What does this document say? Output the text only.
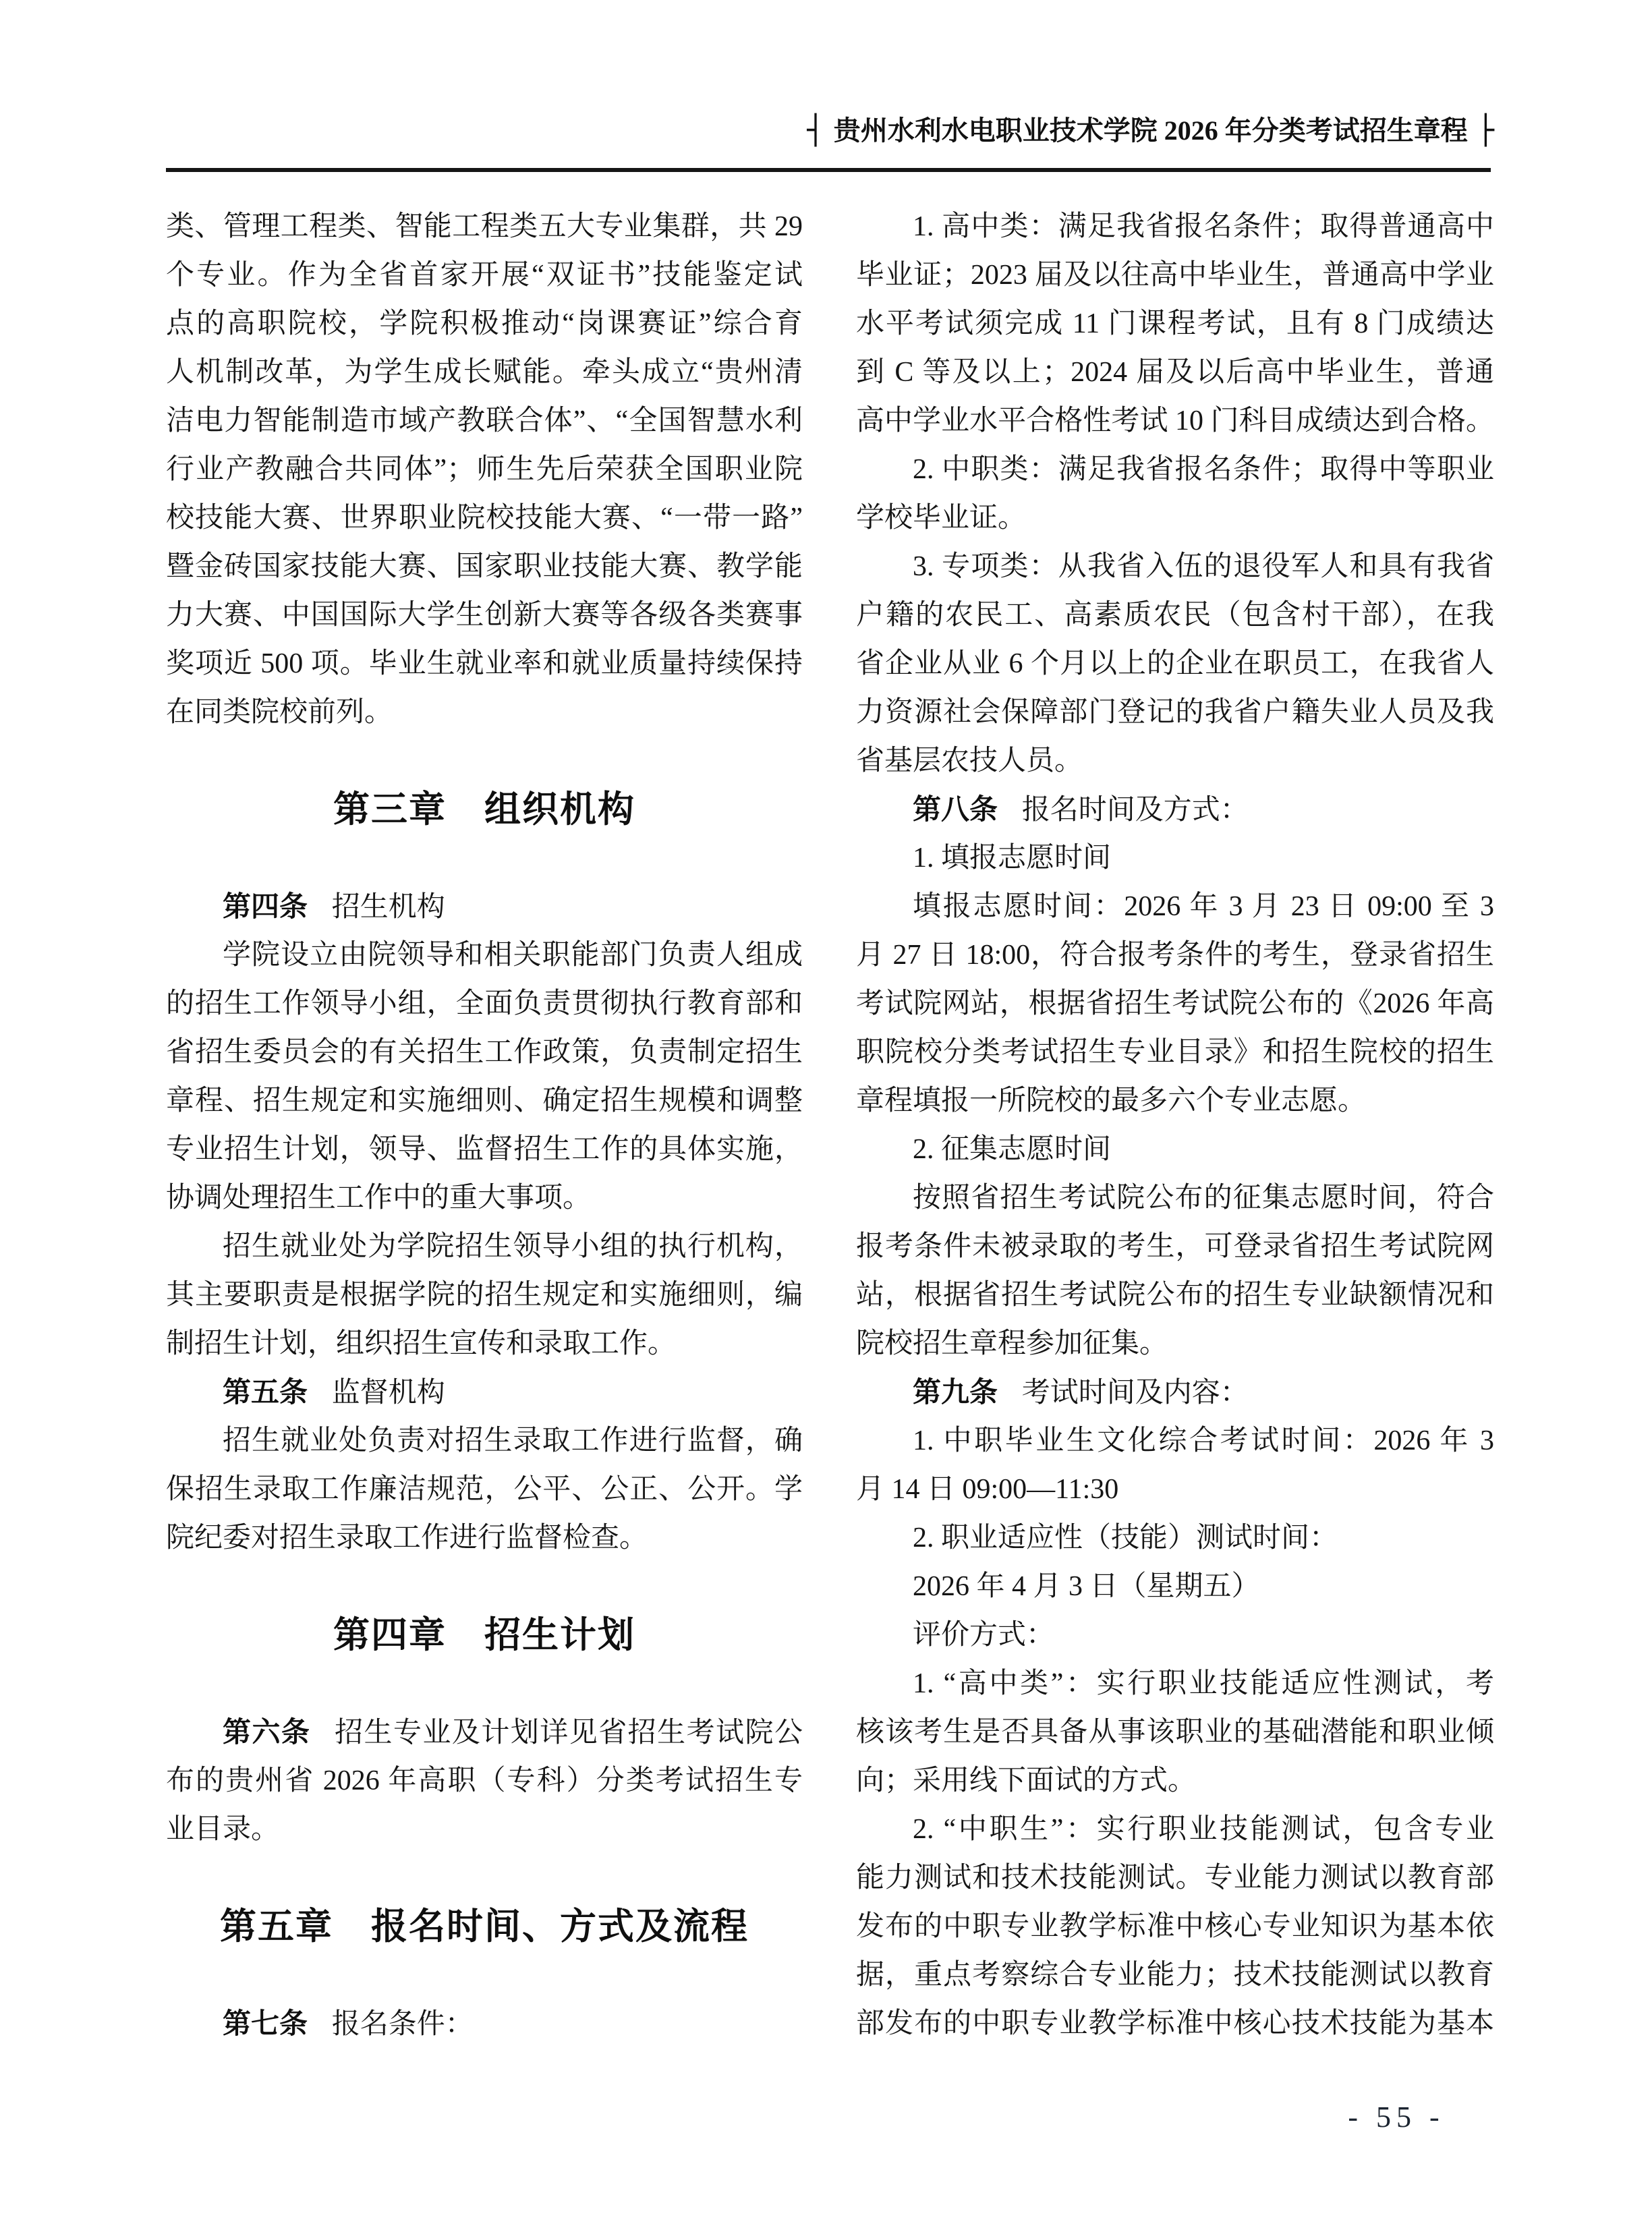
┤ 贵州水利水电职业技术学院 2026 年分类考试招生章程 ├
类、管理工程类、智能工程类五大专业集群，共 29
个专业。作为全省首家开展“双证书”技能鉴定试
点的高职院校，学院积极推动“岗课赛证”综合育
人机制改革，为学生成长赋能。牵头成立“贵州清
洁电力智能制造市域产教联合体”、“全国智慧水利
行业产教融合共同体”；师生先后荣获全国职业院
校技能大赛、世界职业院校技能大赛、“一带一路”
暨金砖国家技能大赛、国家职业技能大赛、教学能
力大赛、中国国际大学生创新大赛等各级各类赛事
奖项近 500 项。毕业生就业率和就业质量持续保持
在同类院校前列。
第三章　组织机构
第四条 招生机构
学院设立由院领导和相关职能部门负责人组成
的招生工作领导小组，全面负责贯彻执行教育部和
省招生委员会的有关招生工作政策，负责制定招生
章程、招生规定和实施细则、确定招生规模和调整
专业招生计划，领导、监督招生工作的具体实施，
协调处理招生工作中的重大事项。
招生就业处为学院招生领导小组的执行机构，
其主要职责是根据学院的招生规定和实施细则，编
制招生计划，组织招生宣传和录取工作。
第五条 监督机构
招生就业处负责对招生录取工作进行监督，确
保招生录取工作廉洁规范，公平、公正、公开。学
院纪委对招生录取工作进行监督检查。
第四章　招生计划
第六条 招生专业及计划详见省招生考试院公
布的贵州省 2026 年高职（专科）分类考试招生专
业目录。
第五章　报名时间、方式及流程
第七条 报名条件：
1. 高中类：满足我省报名条件；取得普通高中
毕业证；2023 届及以往高中毕业生，普通高中学业
水平考试须完成 11 门课程考试，且有 8 门成绩达
到 C 等及以上；2024 届及以后高中毕业生，普通
高中学业水平合格性考试 10 门科目成绩达到合格。
2. 中职类：满足我省报名条件；取得中等职业
学校毕业证。
3. 专项类：从我省入伍的退役军人和具有我省
户籍的农民工、高素质农民（包含村干部），在我
省企业从业 6 个月以上的企业在职员工，在我省人
力资源社会保障部门登记的我省户籍失业人员及我
省基层农技人员。
第八条 报名时间及方式：
1. 填报志愿时间
填报志愿时间：2026 年 3 月 23 日 09:00 至 3
月 27 日 18:00，符合报考条件的考生，登录省招生
考试院网站，根据省招生考试院公布的《2026 年高
职院校分类考试招生专业目录》和招生院校的招生
章程填报一所院校的最多六个专业志愿。
2. 征集志愿时间
按照省招生考试院公布的征集志愿时间，符合
报考条件未被录取的考生，可登录省招生考试院网
站，根据省招生考试院公布的招生专业缺额情况和
院校招生章程参加征集。
第九条 考试时间及内容：
1. 中职毕业生文化综合考试时间：2026 年 3
月 14 日 09:00—11:30
2. 职业适应性（技能）测试时间：
2026 年 4 月 3 日（星期五）
评价方式：
1. “高中类”：实行职业技能适应性测试，考
核该考生是否具备从事该职业的基础潜能和职业倾
向；采用线下面试的方式。
2. “中职生”：实行职业技能测试，包含专业
能力测试和技术技能测试。专业能力测试以教育部
发布的中职专业教学标准中核心专业知识为基本依
据，重点考察综合专业能力；技术技能测试以教育
部发布的中职专业教学标准中核心技术技能为基本
- 55 -
